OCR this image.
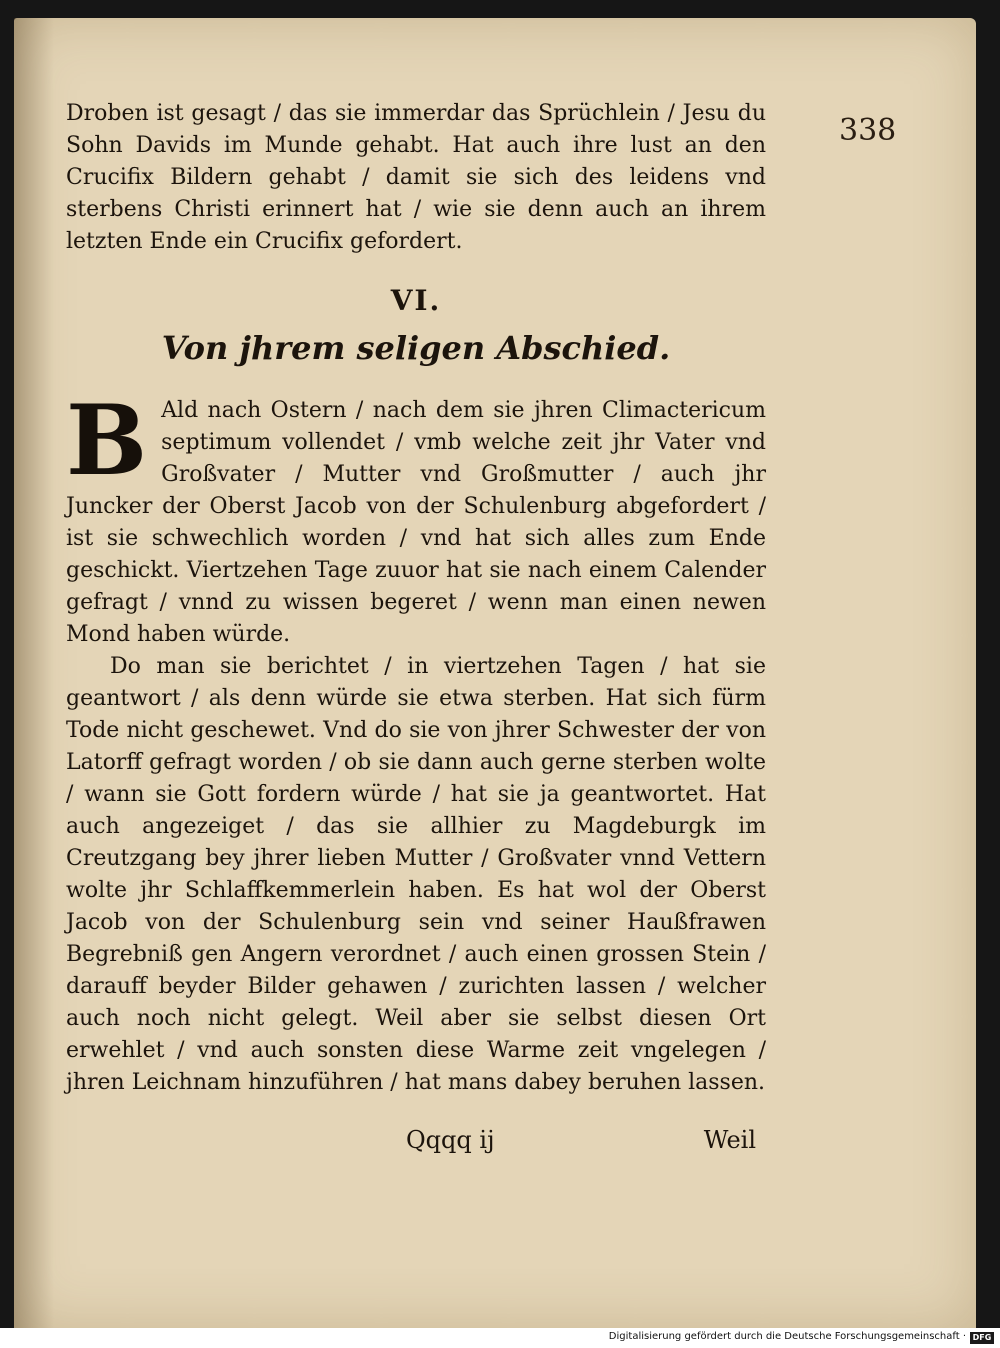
338

Droben ist gesagt / das sie immerdar das Sprüchlein / Jesu du Sohn Davids im Munde gehabt. Hat auch ihre lust an den Crucifix Bildern gehabt / damit sie sich des leidens vnd sterbens Christi erinnert hat / wie sie denn auch an ihrem letzten Ende ein Crucifix gefordert.

VI.
Von jhrem seligen Abschied.

B Ald nach Ostern / nach dem sie jhren Climactericum septimum vollendet / vmb welche zeit jhr Vater vnd Großvater / Mutter vnd Großmutter / auch jhr Juncker der Oberst Jacob von der Schulenburg abgefordert / ist sie schwechlich worden / vnd hat sich alles zum Ende geschickt. Viertzehen Tage zuuor hat sie nach einem Calender gefragt / vnnd zu wissen begeret / wenn man einen newen Mond haben würde.

Do man sie berichtet / in viertzehen Tagen / hat sie geantwort / als denn würde sie etwa sterben. Hat sich fürm Tode nicht geschewet. Vnd do sie von jhrer Schwester der von Latorff gefragt worden / ob sie dann auch gerne sterben wolte / wann sie Gott fordern würde / hat sie ja geantwortet. Hat auch angezeiget / das sie allhier zu Magdeburgk im Creutzgang bey jhrer lieben Mutter / Großvater vnnd Vettern wolte jhr Schlaffkemmerlein haben. Es hat wol der Oberst Jacob von der Schulenburg sein vnd seiner Haußfrawen Begrebniß gen Angern verordnet / auch einen grossen Stein / darauff beyder Bilder gehawen / zurichten lassen / welcher auch noch nicht gelegt. Weil aber sie selbst diesen Ort erwehlet / vnd auch sonsten diese Warme zeit vngelegen / jhren Leichnam hinzuführen / hat mans dabey beruhen lassen.

Qqqq ij	Weil
Digitalisierung gefördert durch die Deutsche Forschungsgemeinschaft · DFG
